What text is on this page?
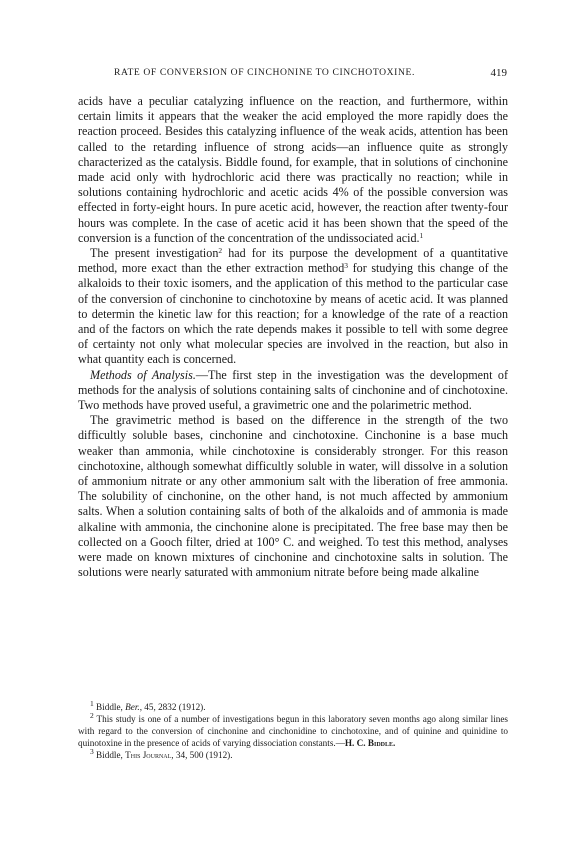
RATE OF CONVERSION OF CINCHONINE TO CINCHOTOXINE.	419

acids have a peculiar catalyzing influence on the reaction, and furthermore, within certain limits it appears that the weaker the acid employed the more rapidly does the reaction proceed. Besides this catalyzing influence of the weak acids, attention has been called to the retarding influence of strong acids—an influence quite as strongly characterized as the catalysis. Biddle found, for example, that in solutions of cinchonine made acid only with hydrochloric acid there was practically no reaction; while in solutions containing hydrochloric and acetic acids 4% of the possible conversion was effected in forty-eight hours. In pure acetic acid, however, the reaction after twenty-four hours was complete. In the case of acetic acid it has been shown that the speed of the conversion is a function of the concentration of the undissociated acid.$^1$

The present investigation$^2$ had for its purpose the development of a quantitative method, more exact than the ether extraction method$^3$ for studying this change of the alkaloids to their toxic isomers, and the application of this method to the particular case of the conversion of cinchonine to cinchotoxine by means of acetic acid. It was planned to determin the kinetic law for this reaction; for a knowledge of the rate of a reaction and of the factors on which the rate depends makes it possible to tell with some degree of certainty not only what molecular species are involved in the reaction, but also in what quantity each is concerned.

Methods of Analysis.—The first step in the investigation was the development of methods for the analysis of solutions containing salts of cinchonine and of cinchotoxine. Two methods have proved useful, a gravimetric one and the polarimetric method.

The gravimetric method is based on the difference in the strength of the two difficultly soluble bases, cinchonine and cinchotoxine. Cinchonine is a base much weaker than ammonia, while cinchotoxine is considerably stronger. For this reason cinchotoxine, although somewhat difficultly soluble in water, will dissolve in a solution of ammonium nitrate or any other ammonium salt with the liberation of free ammonia. The solubility of cinchonine, on the other hand, is not much affected by ammonium salts. When a solution containing salts of both of the alkaloids and of ammonia is made alkaline with ammonia, the cinchonine alone is precipitated. The free base may then be collected on a Gooch filter, dried at 100° C. and weighed. To test this method, analyses were made on known mixtures of cinchonine and cinchotoxine salts in solution. The solutions were nearly saturated with ammonium nitrate before being made alkaline

$^1$ Biddle, Ber., 45, 2832 (1912).

$^2$ This study is one of a number of investigations begun in this laboratory seven months ago along similar lines with regard to the conversion of cinchonine and cinchonidine to cinchotoxine, and of quinine and quinidine to quinotoxine in the presence of acids of varying dissociation constants.—H. C. Biddle.

$^3$ Biddle, This Journal, 34, 500 (1912).
